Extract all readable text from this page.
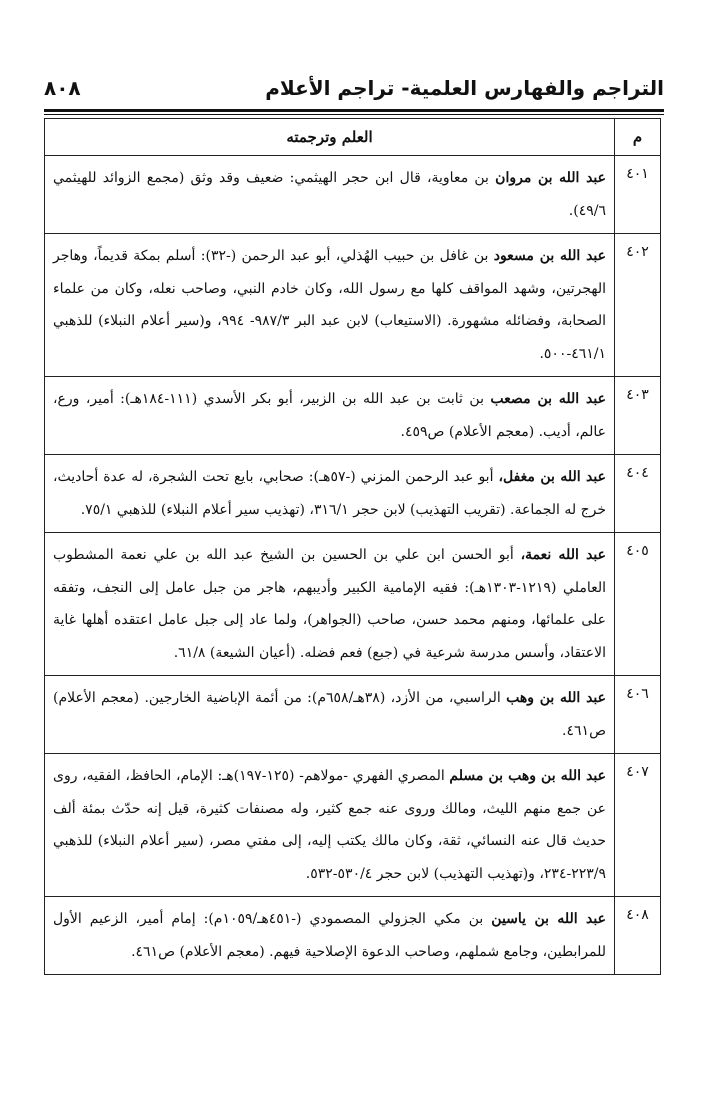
التراجم والفهارس العلمية- تراجم الأعلام
٨٠٨
م	العلم وترجمته
٤٠١	عبد الله بن مروان بن معاوية، قال ابن حجر الهيثمي: ضعيف وقد وثق (مجمع الزوائد للهيثمي ٤٩/٦).
٤٠٢	عبد الله بن مسعود بن غافل بن حبيب الهُذلي، أبو عبد الرحمن (-٣٢): أسلم بمكة قديماً، وهاجر الهجرتين، وشهد المواقف كلها مع رسول الله، وكان خادم النبي، وصاحب نعله، وكان من علماء الصحابة، وفضائله مشهورة. (الاستيعاب) لابن عبد البر ٩٨٧/٣- ٩٩٤، و(سير أعلام النبلاء) للذهبي ٤٦١/١-٥٠٠.
٤٠٣	عبد الله بن مصعب بن ثابت بن عبد الله بن الزبير، أبو بكر الأسدي (١١١-١٨٤هـ): أمير، ورع، عالم، أديب. (معجم الأعلام) ص٤٥٩.
٤٠٤	عبد الله بن مغفل، أبو عبد الرحمن المزني (-٥٧هـ): صحابي، بايع تحت الشجرة، له عدة أحاديث، خرج له الجماعة. (تقريب التهذيب) لابن حجر ٣١٦/١، (تهذيب سير أعلام النبلاء) للذهبي ٧٥/١.
٤٠٥	عبد الله نعمة، أبو الحسن ابن علي بن الحسين بن الشيخ عبد الله بن علي نعمة المشطوب العاملي (١٢١٩-١٣٠٣هـ): فقيه الإمامية الكبير وأديبهم، هاجر من جبل عامل إلى النجف، وتفقه على علمائها، ومنهم محمد حسن، صاحب (الجواهر)، ولما عاد إلى جبل عامل اعتقده أهلها غاية الاعتقاد، وأسس مدرسة شرعية في (جبع) فعم فضله. (أعيان الشيعة) ٦١/٨.
٤٠٦	عبد الله بن وهب الراسبي، من الأزد، (٣٨هـ/٦٥٨م): من أئمة الإباضية الخارجين. (معجم الأعلام) ص٤٦١.
٤٠٧	عبد الله بن وهب بن مسلم المصري الفهري -مولاهم- (١٢٥-١٩٧)هـ: الإمام، الحافظ، الفقيه، روى عن جمع منهم الليث، ومالك وروى عنه جمع كثير، وله مصنفات كثيرة، قيل إنه حدّث بمئة ألف حديث قال عنه النسائي، ثقة، وكان مالك يكتب إليه، إلى مفتي مصر، (سير أعلام النبلاء) للذهبي ٢٢٣/٩-٢٣٤، و(تهذيب التهذيب) لابن حجر ٥٣٠/٤-٥٣٢.
٤٠٨	عبد الله بن ياسين بن مكي الجزولي المصمودي (-٤٥١هـ/١٠٥٩م): إمام أمير، الزعيم الأول للمرابطين، وجامع شملهم، وصاحب الدعوة الإصلاحية فيهم. (معجم الأعلام) ص٤٦١.
